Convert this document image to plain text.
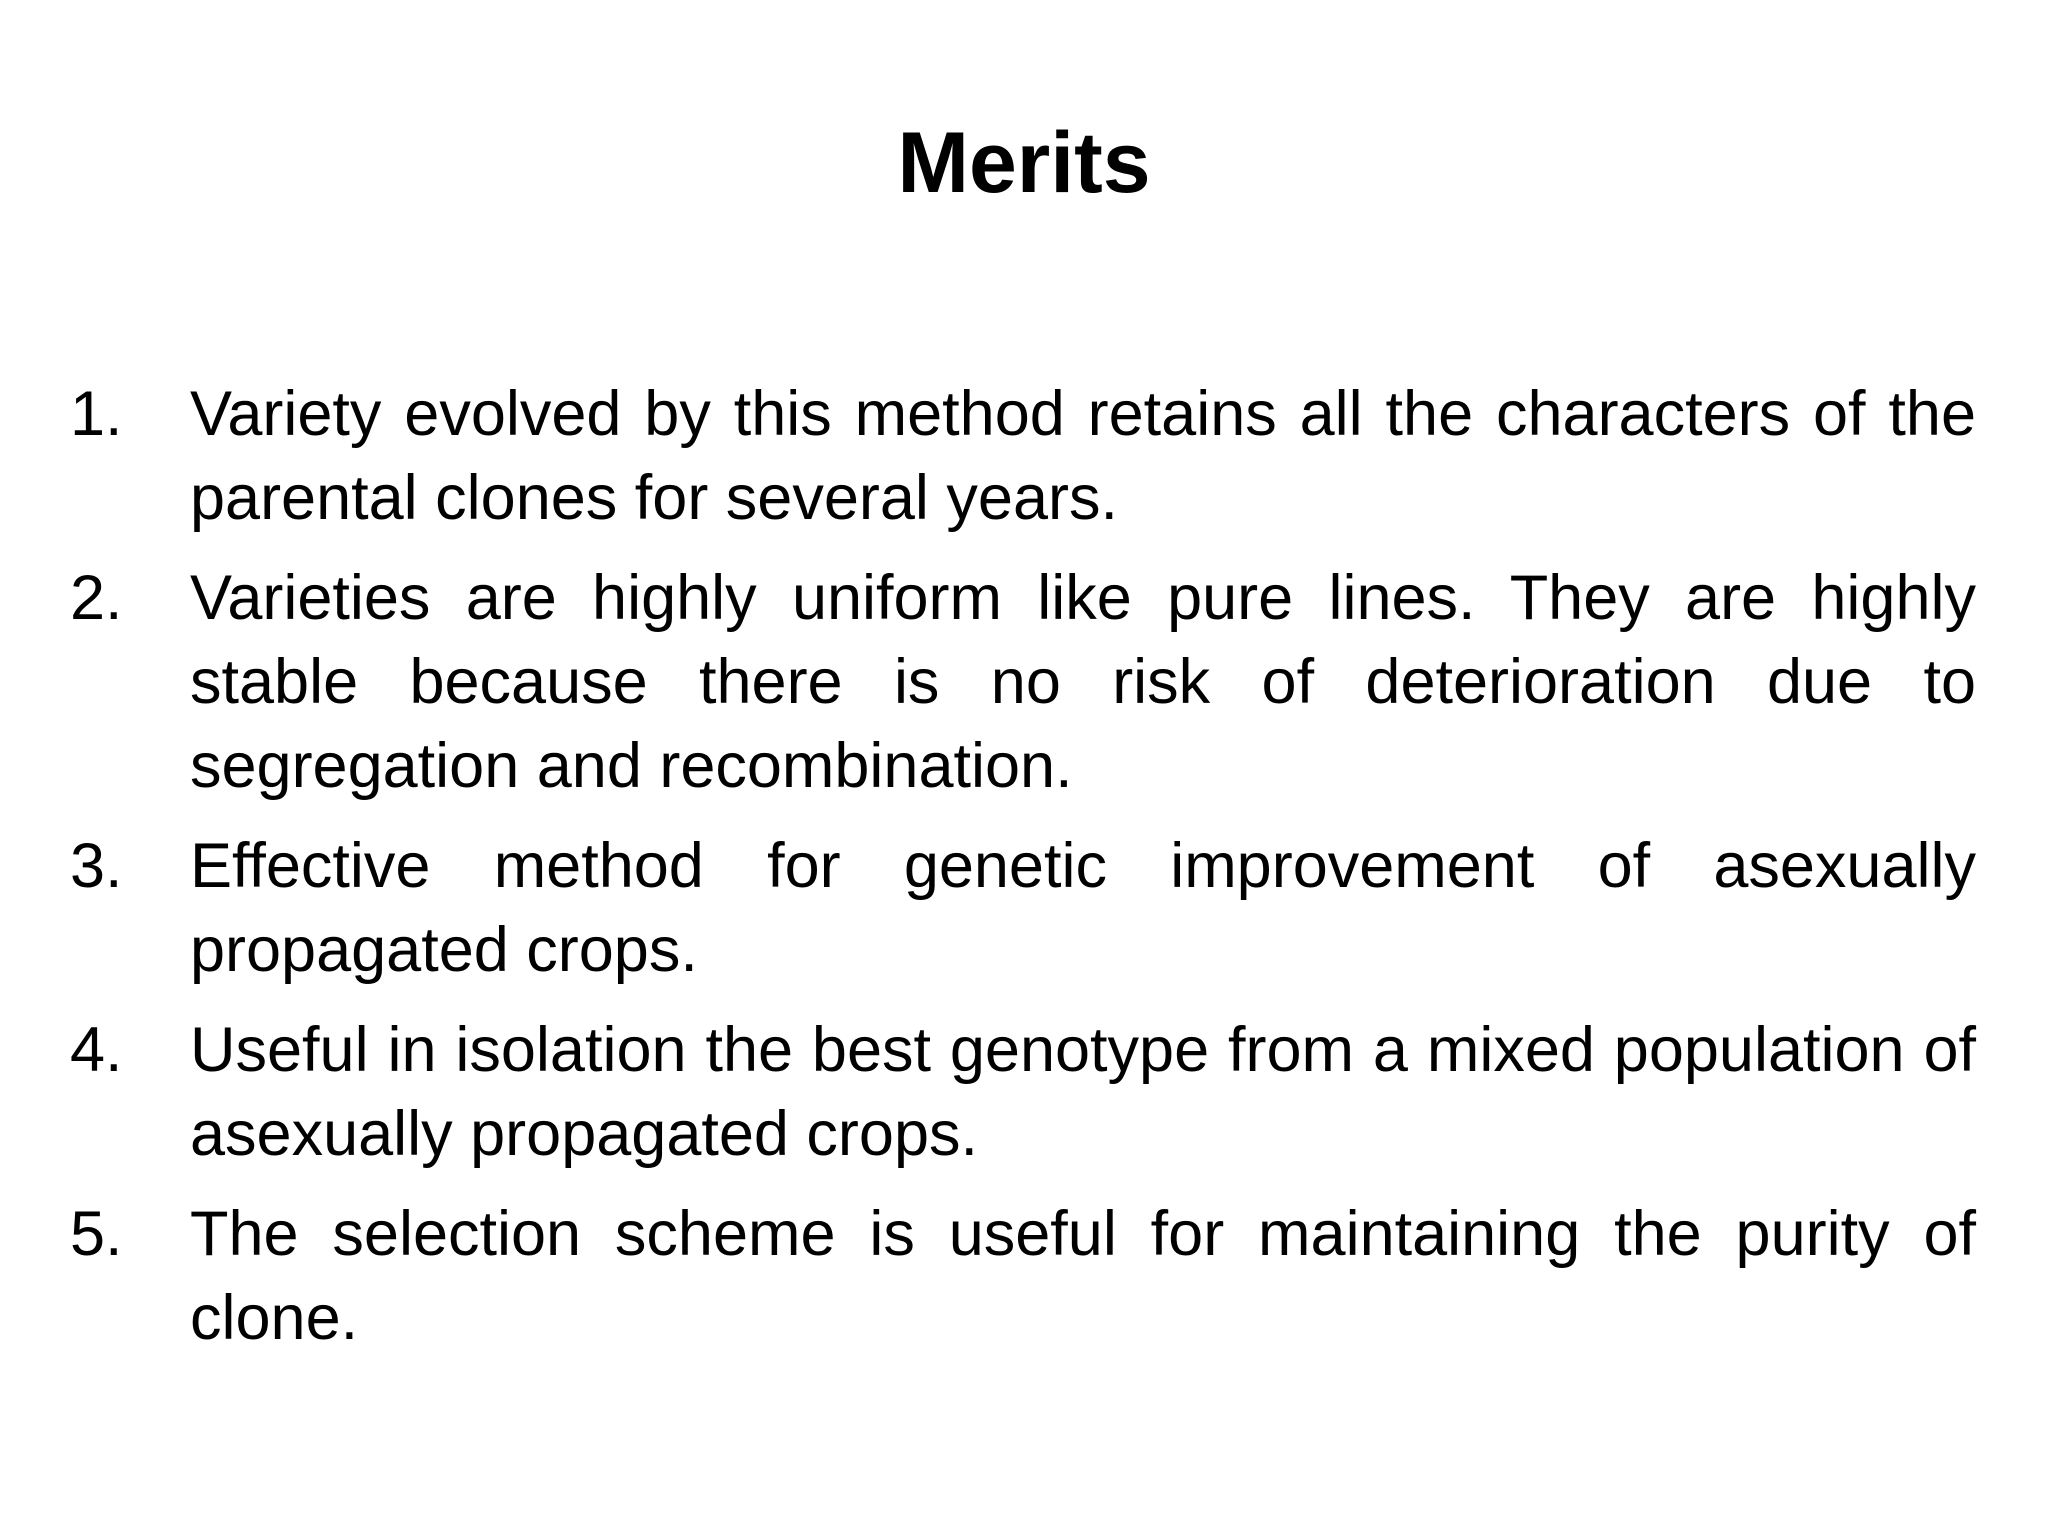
Merits
1.	Variety evolved by this method retains all the characters of the parental clones for several years.
2.	Varieties are highly uniform like pure lines. They are highly stable because there is no risk of deterioration due to segregation and recombination.
3.	Effective method for genetic improvement of asexually propagated crops.
4.	Useful in isolation the best genotype from a mixed population of asexually propagated crops.
5.	The selection scheme is useful for maintaining the purity of clone.
